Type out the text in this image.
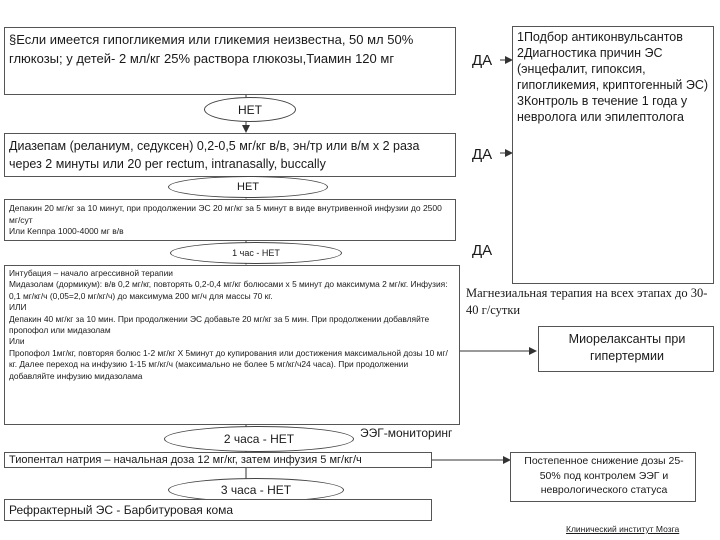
§Если имеется гипогликемия или гликемия неизвестна, 50 мл 50% глюкозы; у детей- 2 мл/кг 25% раствора глюкозы,Тиамин 120 мг
НЕТ
Диазепам (реланиум, седуксен) 0,2-0,5 мг/кг в/в, эн/тр или в/м х 2 раза через 2 минуты или 20 per rectum, intranasally, buccally
НЕТ
Депакин 20 мг/кг за 10 минут, при продолжении ЭС 20 мг/кг за 5 минут в виде внутривенной инфузии до 2500 мг/сут
Или Кеппра 1000-4000 мг в/в
1 час - НЕТ
Интубация – начало агрессивной терапии
Мидазолам (дормикум): в/в 0,2 мг/кг, повторять 0,2-0,4 мг/кг болюсами х 5 минут до максимума 2 мг/кг. Инфузия: 0,1 мг/кг/ч (0,05=2,0 мг/кг/ч) до максимума 200 мг/ч для массы 70 кг.
ИЛИ
Депакин 40 мг/кг за 10 мин. При продолжении ЭС добавьте 20 мг/кг за 5 мин. При продолжении добавляйте пропофол или мидазолам
Или
Пропофол 1мг/кг, повторяя болюс 1-2 мг/кг Х 5минут до купирования или достижения максимальной дозы 10 мг/кг. Далее переход на инфузию 1-15 мг/кг/ч (максимально не более 5 мг/кг/ч24 часа). При продолжении добавляйте инфузию мидазолама
2 часа - НЕТ	ЭЭГ-мониторинг
Тиопентал натрия – начальная доза 12 мг/кг, затем инфузия 5 мг/кг/ч
3 часа - НЕТ
Рефрактерный ЭС - Барбитуровая кома
ДА
ДА
ДА
1Подбор антиконвульсантов
2Диагностика причин ЭС (энцефалит, гипоксия, гипогликемия, криптогенный ЭС)
3Контроль в течение 1 года у невролога или эпилептолога
Магнезиальная терапия на всех этапах до 30-40 г/сутки
Миорелаксанты при гипертермии
Постепенное снижение дозы 25-50% под контролем ЭЭГ и неврологического статуса
Клинический институт Мозга
